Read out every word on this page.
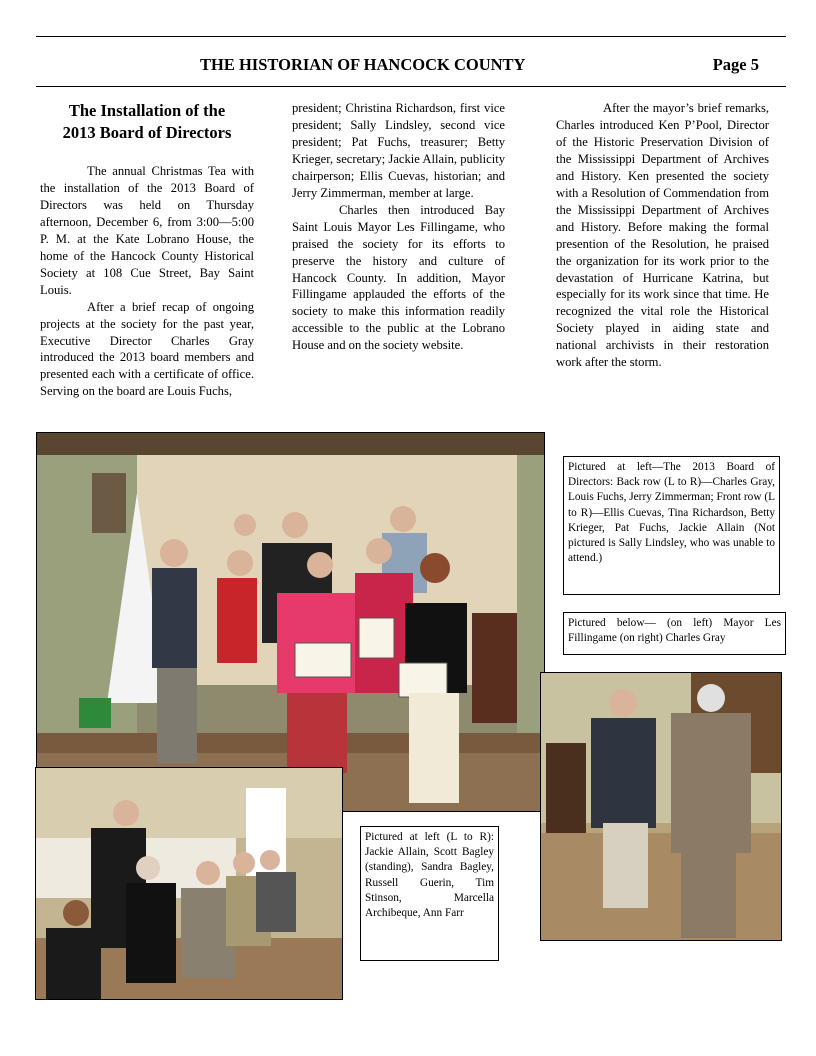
THE HISTORIAN OF HANCOCK COUNTY	Page 5
The Installation of the
2013 Board of Directors

The annual Christmas Tea with the installation of the 2013 Board of Directors was held on Thursday afternoon, December 6, from 3:00—5:00 P. M. at the Kate Lobrano House, the home of the Hancock County Historical Society at 108 Cue Street, Bay Saint Louis.

After a brief recap of ongoing projects at the society for the past year, Executive Director Charles Gray introduced the 2013 board members and presented each with a certificate of office. Serving on the board are Louis Fuchs,

president; Christina Richardson, first vice president; Sally Lindsley, second vice president; Pat Fuchs, treasurer; Betty Krieger, secretary; Jackie Allain, publicity chairperson; Ellis Cuevas, historian; and Jerry Zimmerman, member at large.

Charles then introduced Bay Saint Louis Mayor Les Fillingame, who praised the society for its efforts to preserve the history and culture of Hancock County. In addition, Mayor Fillingame applauded the efforts of the society to make this information readily accessible to the public at the Lobrano House and on the society website.

After the mayor’s brief remarks, Charles introduced Ken P’Pool, Director of the Historic Preservation Division of the Mississippi Department of Archives and History. Ken presented the society with a Resolution of Commendation from the Mississippi Department of Archives and History. Before making the formal presention of the Resolution, he praised the organization for its work prior to the devastation of Hurricane Katrina, but especially for its work since that time. He recognized the vital role the Historical Society played in aiding state and national archivists in their restoration work after the storm.

Pictured at left—The 2013 Board of Directors: Back row (L to R)—Charles Gray, Louis Fuchs, Jerry Zimmerman; Front row (L to R)—Ellis Cuevas, Tina Richardson, Betty Krieger, Pat Fuchs, Jackie Allain (Not pictured is Sally Lindsley, who was unable to attend.)
Pictured below— (on left) Mayor Les Fillingame (on right) Charles Gray
Pictured at left (L to R): Jackie Allain, Scott Bagley (standing), Sandra Bagley, Russell Guerin, Tim Stinson, Marcella Archibeque, Ann Farr
